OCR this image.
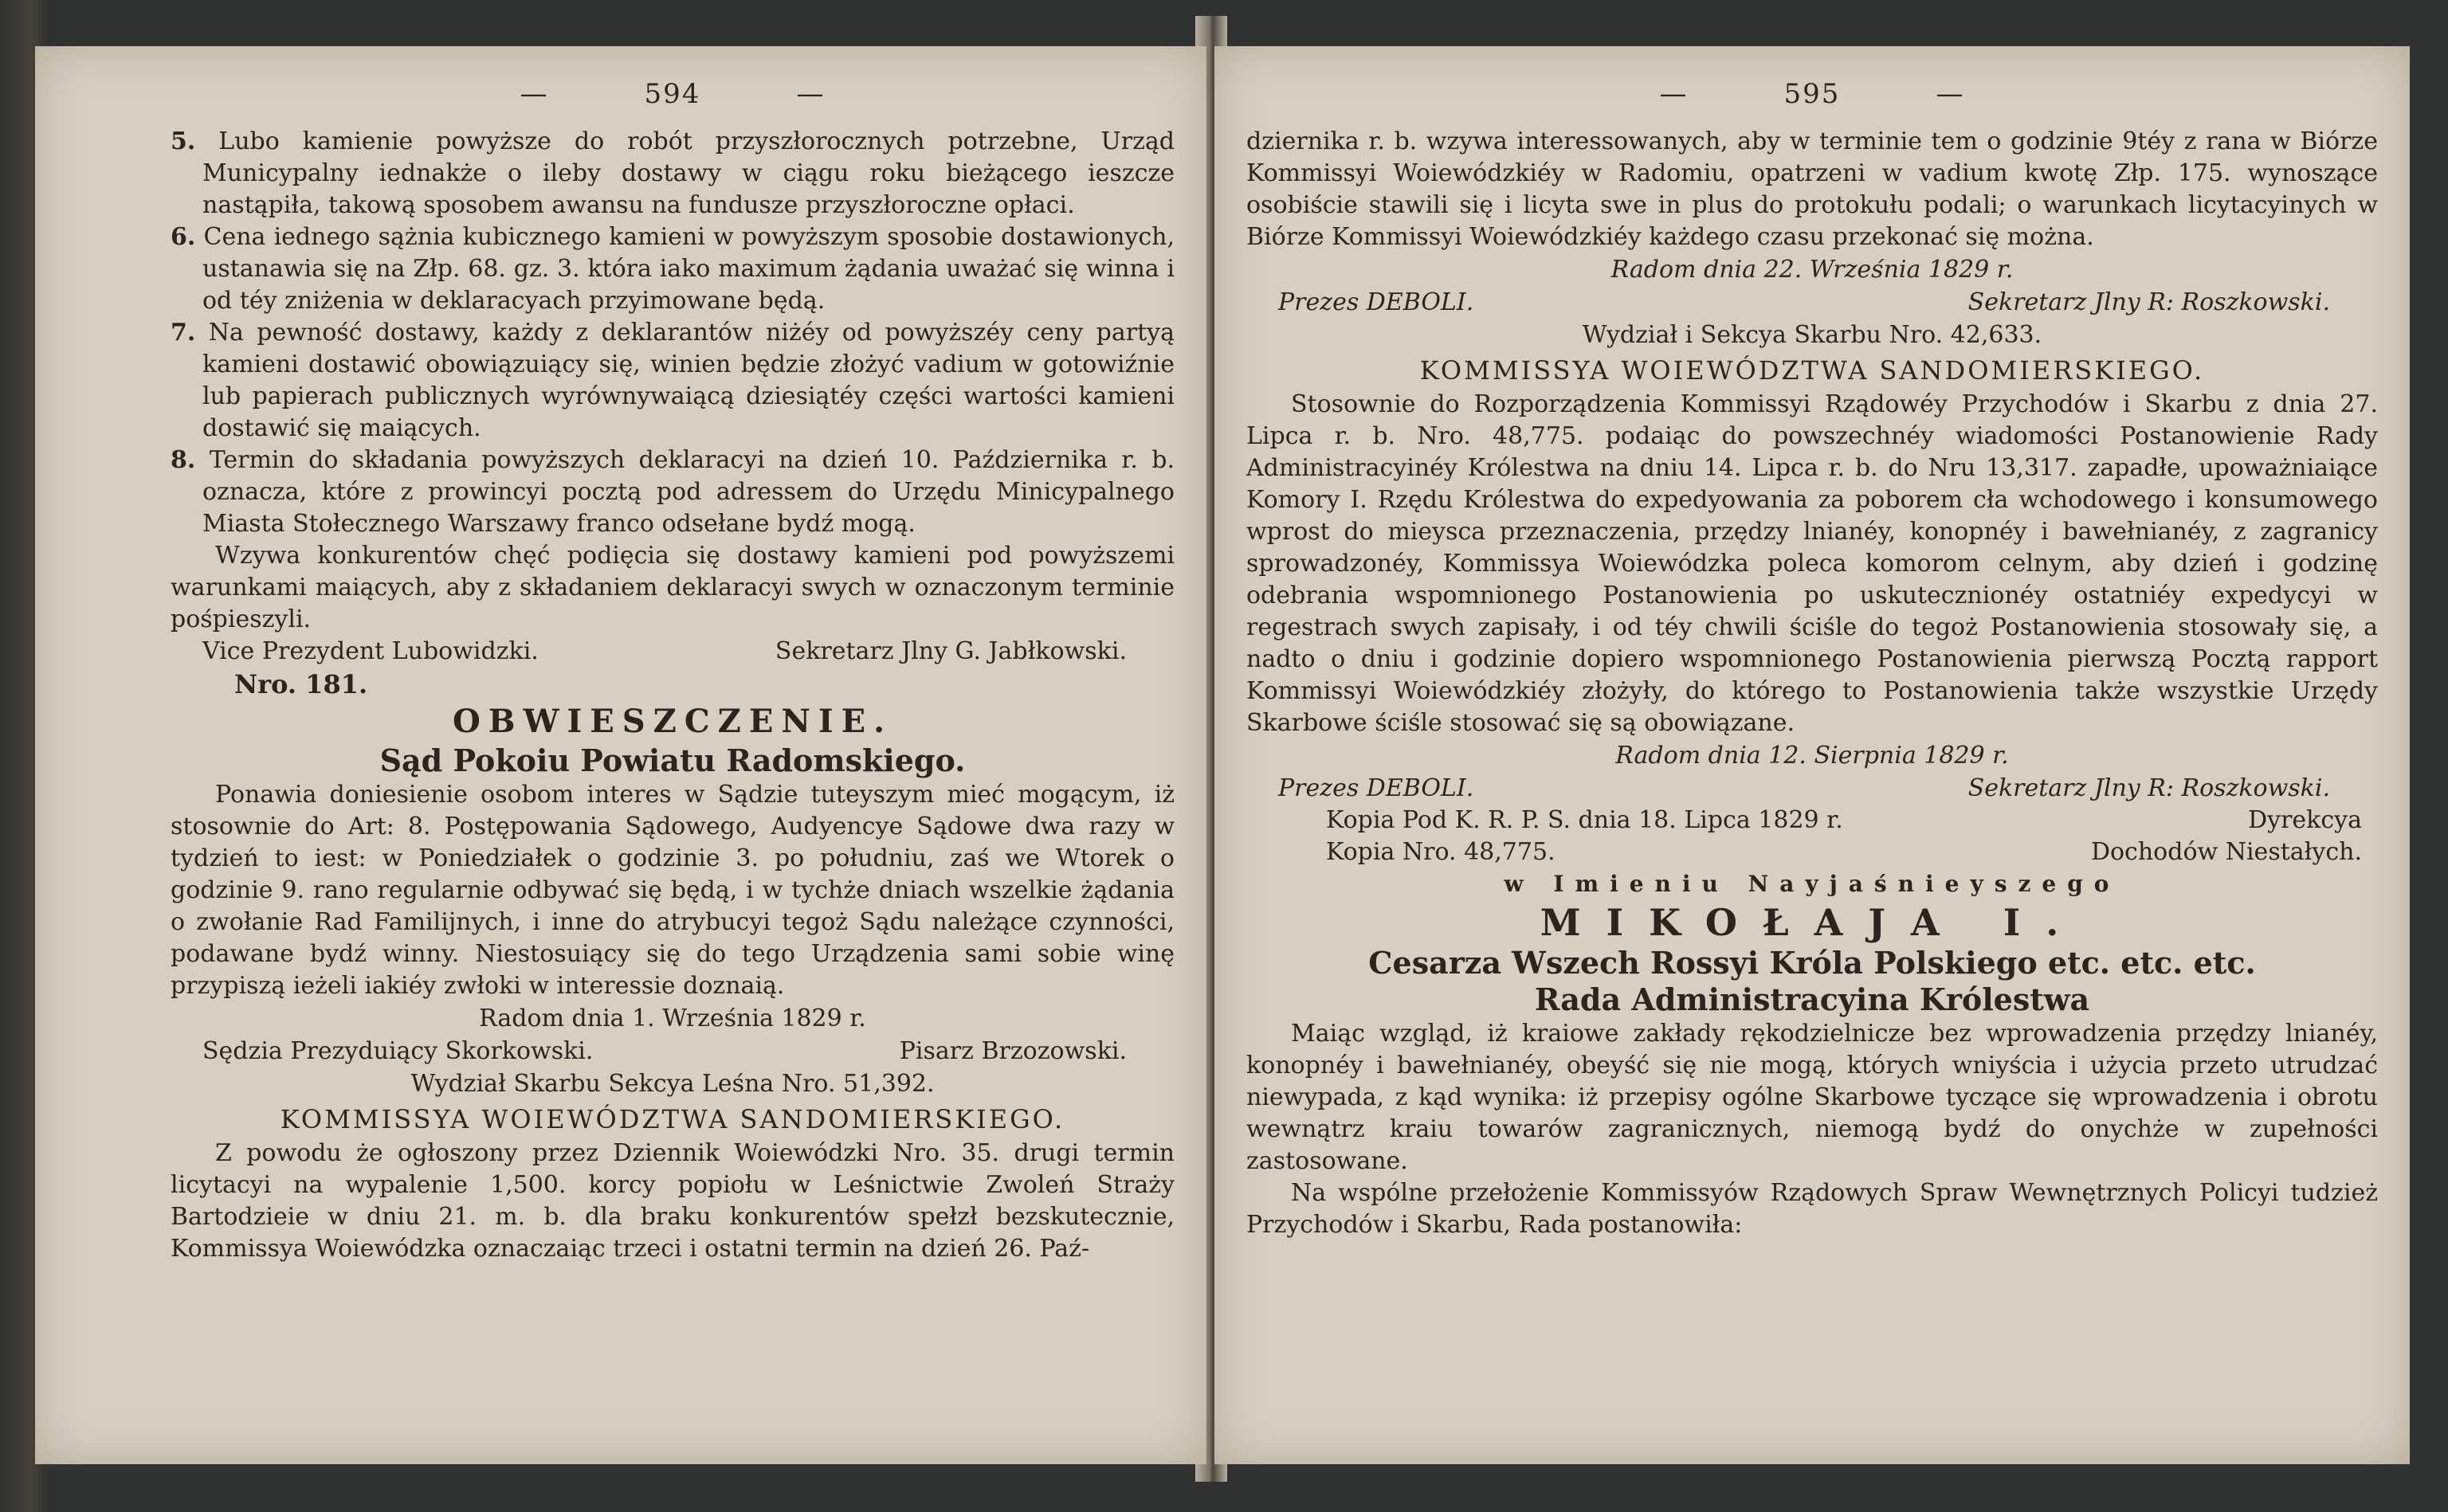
—	594	—

5. Lubo kamienie powyższe do robót przyszłorocznych potrzebne, Urząd Municypalny iednakże o ileby dostawy w ciągu roku bieżącego ieszcze nastąpiła, takową sposobem awansu na fundusze przyszłoroczne opłaci.

6. Cena iednego sążnia kubicznego kamieni w powyższym sposobie dostawionych, ustanawia się na Złp. 68. gz. 3. która iako maximum żądania uważać się winna i od téy zniżenia w deklaracyach przyimowane będą.

7. Na pewność dostawy, każdy z deklarantów niżéy od powyższéy ceny partyą kamieni dostawić obowiązuiący się, winien będzie złożyć vadium w gotowiźnie lub papierach publicznych wyrównywaiącą dziesiątéy części wartości kamieni dostawić się maiących.

8. Termin do składania powyższych deklaracyi na dzień 10. Października r. b. oznacza, które z prowincyi pocztą pod adressem do Urzędu Minicypalnego Miasta Stołecznego Warszawy franco odsełane bydź mogą.

Wzywa konkurentów chęć podięcia się dostawy kamieni pod powyższemi warunkami maiących, aby z składaniem deklaracyi swych w oznaczonym terminie pośpieszyli.

Vice Prezydent Lubowidzki.	Sekretarz Jlny G. Jabłkowski.
Nro. 181.
OBWIESZCZENIE.
Sąd Pokoiu Powiatu Radomskiego.

Ponawia doniesienie osobom interes w Sądzie tuteyszym mieć mogącym, iż stosownie do Art: 8. Postępowania Sądowego, Audyencye Sądowe dwa razy w tydzień to iest: w Poniedziałek o godzinie 3. po południu, zaś we Wtorek o godzinie 9. rano regularnie odbywać się będą, i w tychże dniach wszelkie żądania o zwołanie Rad Familijnych, i inne do atrybucyi tegoż Sądu należące czynności, podawane bydź winny. Niestosuiący się do tego Urządzenia sami sobie winę przypiszą ieżeli iakiéy zwłoki w interessie doznaią.

Radom dnia 1. Września 1829 r.
Sędzia Prezyduiący Skorkowski.	Pisarz Brzozowski.
Wydział Skarbu Sekcya Leśna Nro. 51,392.
KOMMISSYA WOIEWÓDZTWA SANDOMIERSKIEGO.

Z powodu że ogłoszony przez Dziennik Woiewódzki Nro. 35. drugi termin licytacyi na wypalenie 1,500. korcy popiołu w Leśnictwie Zwoleń Straży Bartodzieie w dniu 21. m. b. dla braku konkurentów spełzł bezskutecznie, Kommissya Woiewódzka oznaczaiąc trzeci i ostatni termin na dzień 26. Paź-

—	595	—

dziernika r. b. wzywa interessowanych, aby w terminie tem o godzinie 9téy z rana w Biórze Kommissyi Woiewódzkiéy w Radomiu, opatrzeni w vadium kwotę Złp. 175. wynoszące osobiście stawili się i licyta swe in plus do protokułu podali; o warunkach licytacyinych w Biórze Kommissyi Woiewódzkiéy każdego czasu przekonać się można.

Radom dnia 22. Września 1829 r.
Prezes DEBOLI.	Sekretarz Jlny R: Roszkowski.
Wydział i Sekcya Skarbu Nro. 42,633.
KOMMISSYA WOIEWÓDZTWA SANDOMIERSKIEGO.

Stosownie do Rozporządzenia Kommissyi Rządowéy Przychodów i Skarbu z dnia 27. Lipca r. b. Nro. 48,775. podaiąc do powszechnéy wiadomości Postanowienie Rady Administracyinéy Królestwa na dniu 14. Lipca r. b. do Nru 13,317. zapadłe, upoważniaiące Komory I. Rzędu Królestwa do expedyowania za poborem cła wchodowego i konsumowego wprost do mieysca przeznaczenia, przędzy lnianéy, konopnéy i bawełnianéy, z zagranicy sprowadzonéy, Kommissya Woiewódzka poleca komorom celnym, aby dzień i godzinę odebrania wspomnionego Postanowienia po uskutecznionéy ostatniéy expedycyi w regestrach swych zapisały, i od téy chwili ściśle do tegoż Postanowienia stosowały się, a nadto o dniu i godzinie dopiero wspomnionego Postanowienia pierwszą Pocztą rapport Kommissyi Woiewódzkiéy złożyły, do którego to Postanowienia także wszystkie Urzędy Skarbowe ściśle stosować się są obowiązane.

Radom dnia 12. Sierpnia 1829 r.
Prezes DEBOLI.	Sekretarz Jlny R: Roszkowski.
Kopia Pod K. R. P. S. dnia 18. Lipca 1829 r.	Dyrekcya
Kopia Nro. 48,775.	Dochodów Niestałych.
w Imieniu Nayjaśnieyszego
MIKOŁAJA I.
Cesarza Wszech Rossyi Króla Polskiego etc. etc. etc.
Rada Administracyina Królestwa

Maiąc wzgląd, iż kraiowe zakłady rękodzielnicze bez wprowadzenia przędzy lnianéy, konopnéy i bawełnianéy, obeyść się nie mogą, których wniyścia i użycia przeto utrudzać niewypada, z kąd wynika: iż przepisy ogólne Skarbowe tyczące się wprowadzenia i obrotu wewnątrz kraiu towarów zagranicznych, niemogą bydź do onychże w zupełności zastosowane.

Na wspólne przełożenie Kommissyów Rządowych Spraw Wewnętrznych Policyi tudzież Przychodów i Skarbu, Rada postanowiła:
